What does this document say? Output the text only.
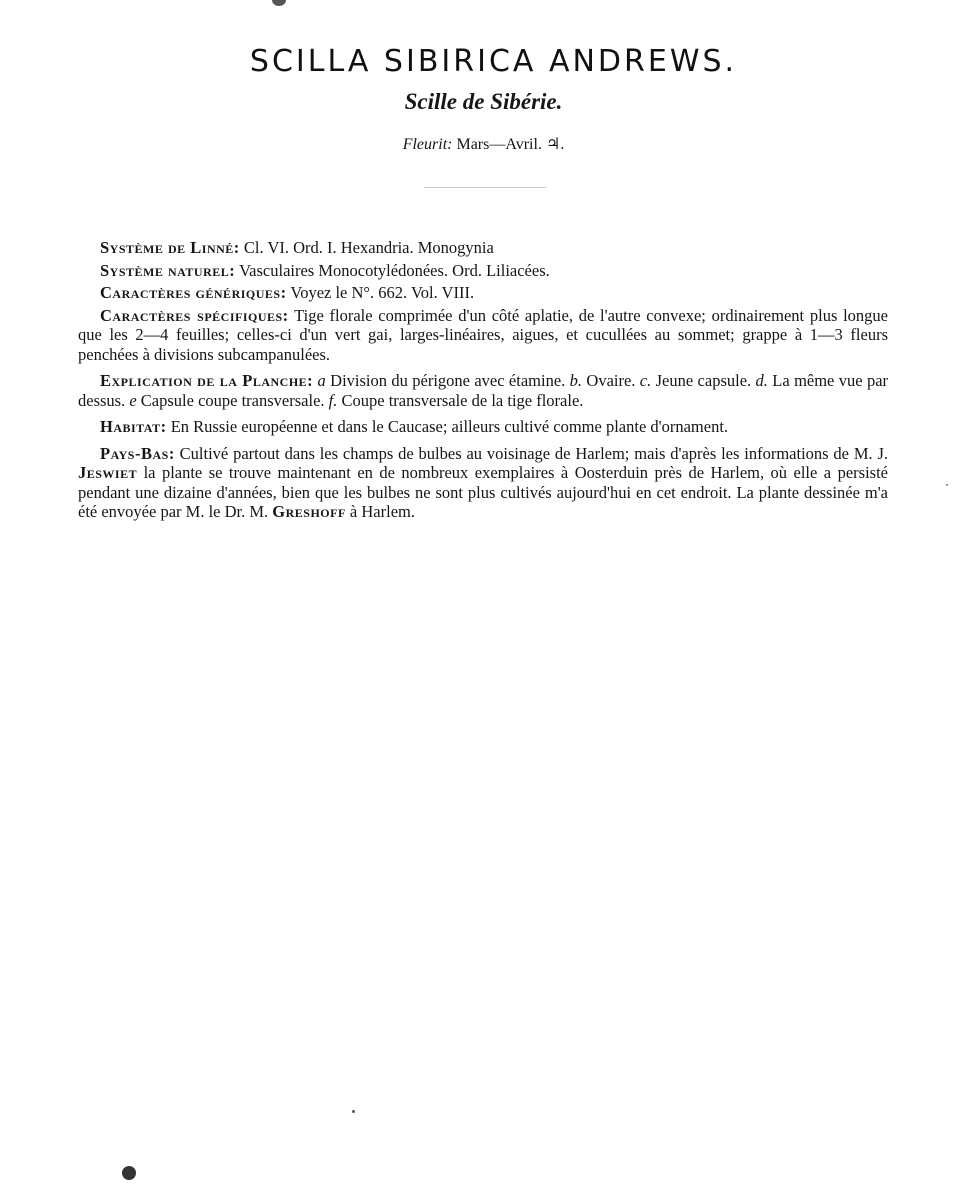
SCILLA SIBIRICA ANDREWS.
Scille de Sibérie.

Fleurit: Mars—Avril. ♃.

Système de Linné: Cl. VI. Ord. I. Hexandria. Monogynia

Système naturel: Vasculaires Monocotylédonées. Ord. Liliacées.

Caractères génériques: Voyez le N°. 662. Vol. VIII.

Caractères spécifiques: Tige florale comprimée d'un côté aplatie, de l'autre convexe; ordinairement plus longue que les 2—4 feuilles; celles-ci d'un vert gai, larges-linéaires, aigues, et cucullées au sommet; grappe à 1—3 fleurs penchées à divisions subcampanulées.

Explication de la Planche: a Division du périgone avec étamine. b. Ovaire. c. Jeune capsule. d. La même vue par dessus. e Capsule coupe transversale. f. Coupe transversale de la tige florale.

Habitat: En Russie européenne et dans le Caucase; ailleurs cultivé comme plante d'ornament.

Pays-Bas: Cultivé partout dans les champs de bulbes au voisinage de Harlem; mais d'après les informations de M. J. Jeswiet la plante se trouve maintenant en de nombreux exemplaires à Oosterduin près de Harlem, où elle a persisté pendant une dizaine d'années, bien que les bulbes ne sont plus cultivés aujourd'hui en cet endroit. La plante dessinée m'a été envoyée par M. le Dr. M. Greshoff à Harlem.
